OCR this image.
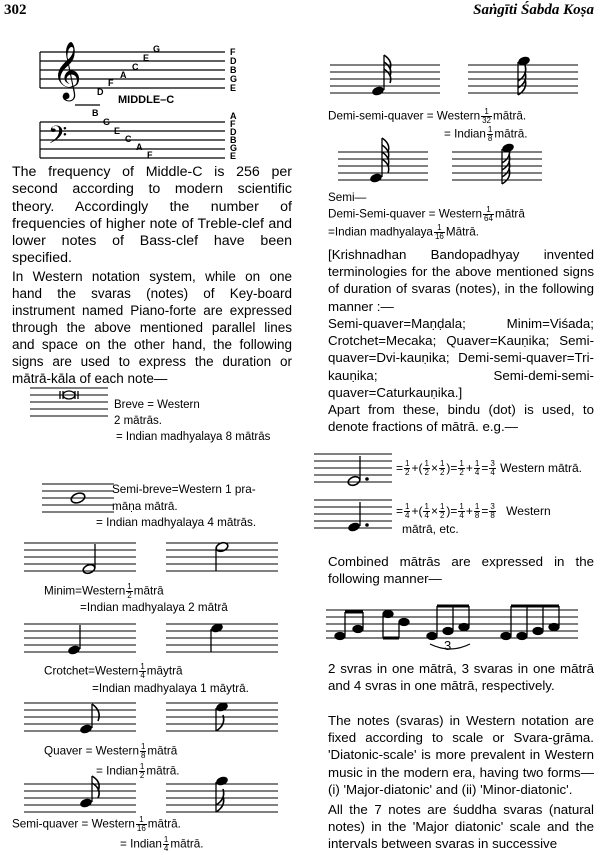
302	Saṅgīti Śabda Koṣa
𝄞
𝄢
G
E
C
A
F
D
MIDDLE–C
F
D
B
G
E
B
G
E
C
A
F
A
F
D
B
G
E
The frequency of Middle-C is 256 per second according to modern scientific theory. Accordingly the number of frequencies of higher note of Treble-clef and lower notes of Bass-clef have been specified.
In Western notation system, while on one hand the svaras (notes) of Key-board instrument named Piano-forte are expressed through the above mentioned parallel lines and space on the other hand, the following signs are used to express the duration or mātrā-kāla of each note—
Breve = Western
2 mātrās.
= Indian madhyalaya 8 mātrās
Semi-breve=Western 1 pra-
māṇa mātrā.
= Indian madhyalaya 4 mātrās.
Minim=Western $\frac{1}{2}$ mātrā
=Indian madhyalaya 2 mātrā
Crotchet=Western $\frac{1}{4}$ māytrā
=Indian madhyalaya 1 māytrā.
Quaver = Western $\frac{1}{8}$ mātrā
= Indian $\frac{1}{2}$ mātrā.
Semi-quaver = Western $\frac{1}{16}$ mātrā.
= Indian $\frac{1}{4}$ mātrā.
Demi-semi-quaver = Western $\frac{1}{32}$ mātrā.
= Indian $\frac{1}{8}$ mātrā.
Semi—
Demi-Semi-quaver = Western $\frac{1}{64}$ mātrā
=Indian madhyalaya $\frac{1}{16}$ Mātrā.
[Krishnadhan Bandopadhyay invented terminologies for the above mentioned signs of duration of svaras (notes), in the following manner :—
Semi-quaver=Maṇḍala; Minim=Viśada; Crotchet=Mecaka; Quaver=Kauṇika; Semi-quaver=Dvi-kauṇika; Demi-semi-quaver=Tri-kauṇika; Semi-demi-semi-quaver=Caturkauṇika.]
Apart from these, bindu (dot) is used, to denote fractions of mātrā. e.g.—
= $\frac{1}{2}$ +( $\frac{1}{2} \times \frac{1}{2}$ )= $\frac{1}{2} + \frac{1}{4} = \frac{3}{4}$ Western mātrā.
= $\frac{1}{4}$ +( $\frac{1}{4} \times \frac{1}{2}$ )= $\frac{1}{4} + \frac{1}{8} = \frac{3}{8}$ Western
mātrā, etc.
Combined mātrās are expressed in the following manner—
3
2 svras in one mātrā, 3 svaras in one mātrā and 4 svras in one mātrā, respectively.
The notes (svaras) in Western notation are fixed according to scale or Svara-grāma. 'Diatonic-scale' is more prevalent in Western music in the modern era, having two forms—(i) 'Major-diatonic' and (ii) 'Minor-diatonic'.
All the 7 notes are śuddha svaras (natural notes) in the 'Major diatonic' scale and the intervals between svaras in successive
